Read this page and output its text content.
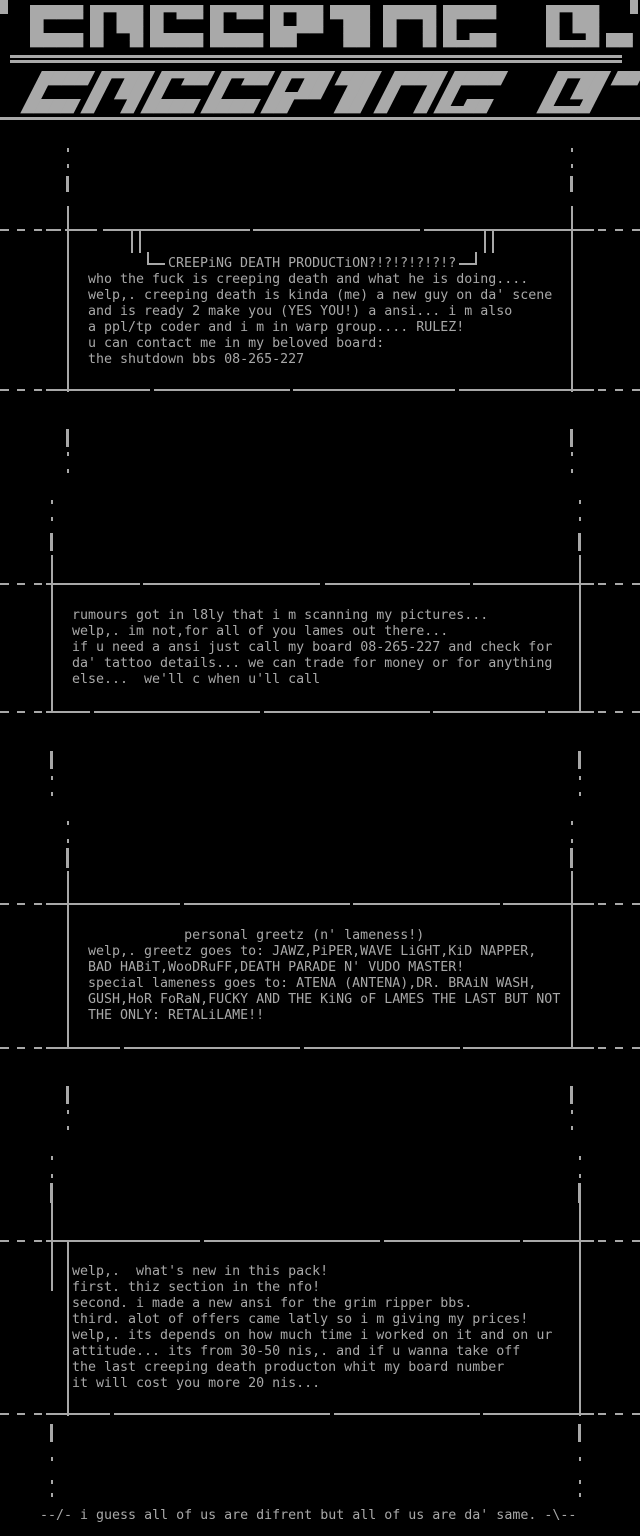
CREEPiNG DEATH PRODUCTiON?!?!?!?!?!?
who the fuck is creeping death and what he is doing....
welp,. creeping death is kinda (me) a new guy on da' scene
and is ready 2 make you (YES YOU!) a ansi... i m also
a ppl/tp coder and i m in warp group.... RULEZ!
u can contact me in my beloved board:
the shutdown bbs 08-265-227
rumours got in l8ly that i m scanning my pictures...
welp,. im not,for all of you lames out there...
if u need a ansi just call my board 08-265-227 and check for
da' tattoo details... we can trade for money or for anything
else...  we'll c when u'll call
personal greetz (n' lameness!)
welp,. greetz goes to: JAWZ,PiPER,WAVE LiGHT,KiD NAPPER,
BAD HABiT,WooDRuFF,DEATH PARADE N' VUDO MASTER!
special lameness goes to: ATENA (ANTENA),DR. BRAiN WASH,
GUSH,HoR FoRaN,FUCKY AND THE KiNG oF LAMES THE LAST BUT NOT
THE ONLY: RETALiLAME!!
welp,.  what's new in this pack!
first. thiz section in the nfo!
second. i made a new ansi for the grim ripper bbs.
third. alot of offers came latly so i m giving my prices!
welp,. its depends on how much time i worked on it and on ur
attitude... its from 30-50 nis,. and if u wanna take off
the last creeping death producton whit my board number
it will cost you more 20 nis...
--/- i guess all of us are difrent but all of us are da' same. -\--
